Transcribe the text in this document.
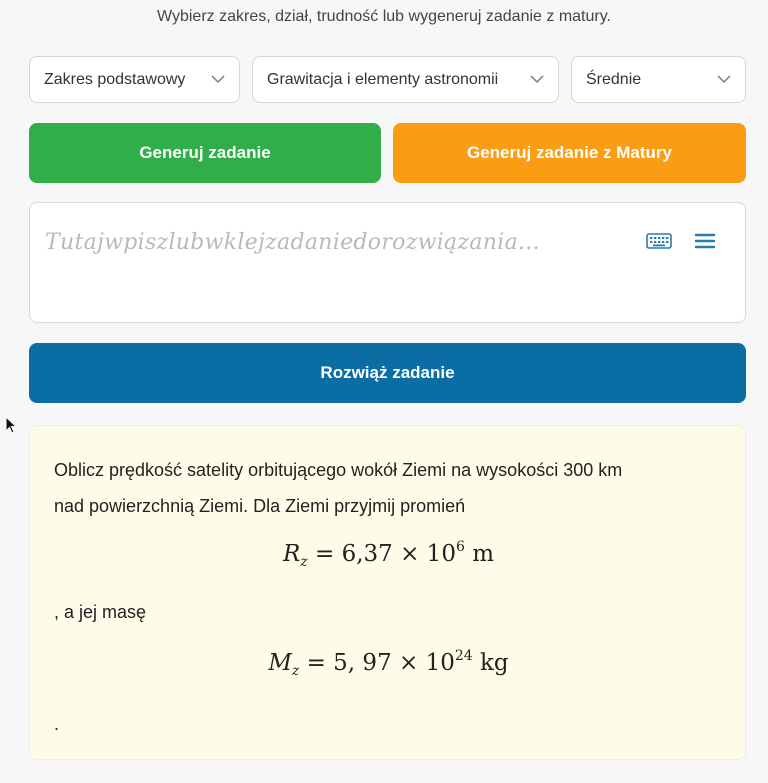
Wybierz zakres, dział, trudność lub wygeneruj zadanie z matury.
Zakres podstawowy	Grawitacja i elementy astronomii	Średnie
Generuj zadanie	Generuj zadanie z Matury
Tutajwpiszlubwklejzadaniedorozwiązania...
Rozwiąż zadanie
Oblicz prędkość satelity orbitującego wokół Ziemi na wysokości 300 km
nad powierzchnią Ziemi. Dla Ziemi przyjmij promień
$R_z = 6,37 \times 10^6$ m
, a jej masę
$M_z = 5$, $97 \times 10^{24}$ kg
.
